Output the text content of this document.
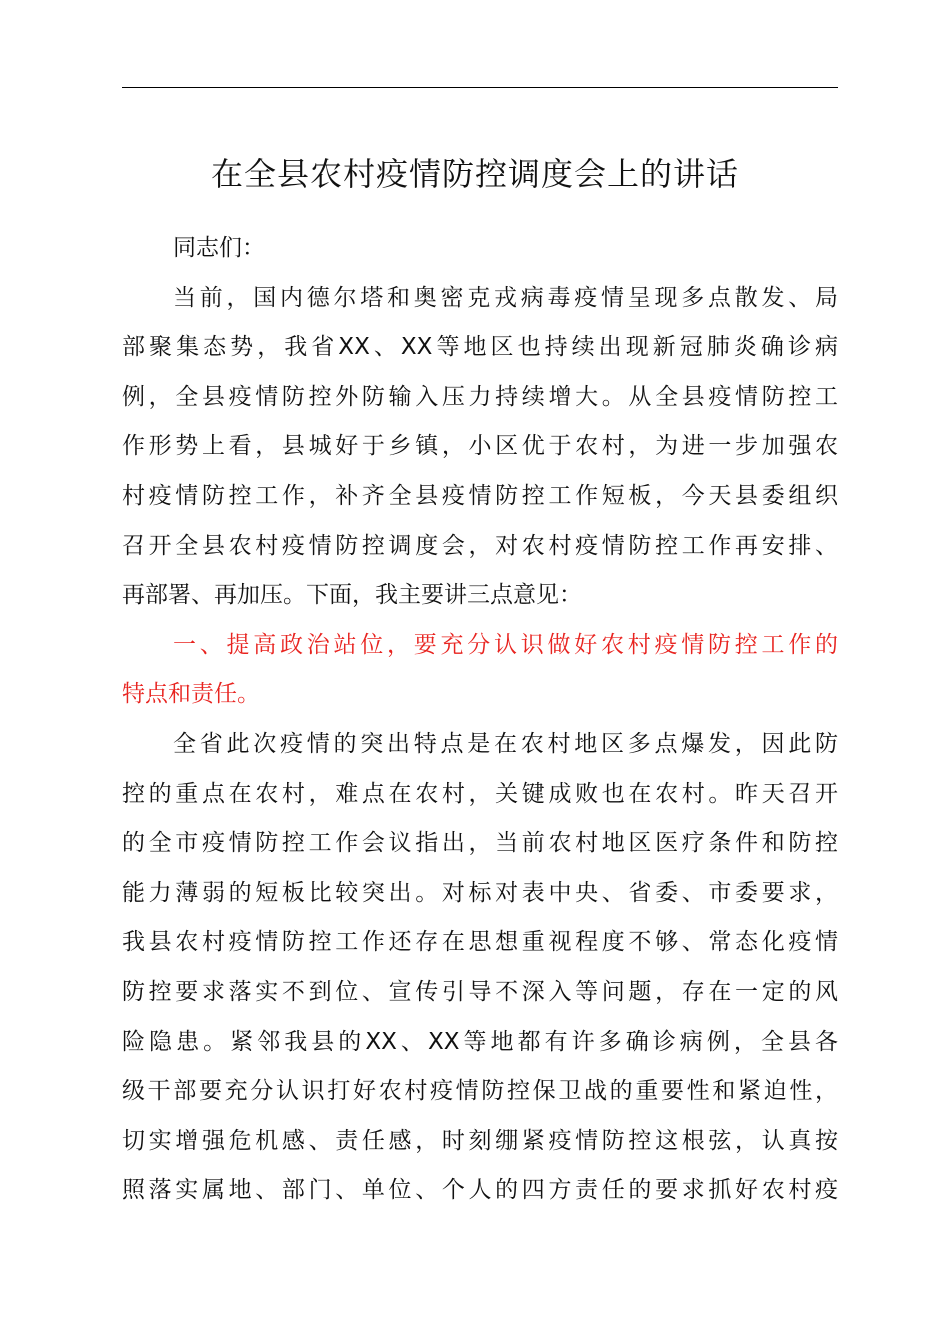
在全县农村疫情防控调度会上的讲话
同志们：
当前，国内德尔塔和奥密克戎病毒疫情呈现多点散发、局
部聚集态势，我省XX、XX等地区也持续出现新冠肺炎确诊病
例，全县疫情防控外防输入压力持续增大。从全县疫情防控工
作形势上看，县城好于乡镇，小区优于农村，为进一步加强农
村疫情防控工作，补齐全县疫情防控工作短板，今天县委组织
召开全县农村疫情防控调度会，对农村疫情防控工作再安排、
再部署、再加压。下面，我主要讲三点意见：
一、提高政治站位，要充分认识做好农村疫情防控工作的
特点和责任。
全省此次疫情的突出特点是在农村地区多点爆发，因此防
控的重点在农村，难点在农村，关键成败也在农村。昨天召开
的全市疫情防控工作会议指出，当前农村地区医疗条件和防控
能力薄弱的短板比较突出。对标对表中央、省委、市委要求，
我县农村疫情防控工作还存在思想重视程度不够、常态化疫情
防控要求落实不到位、宣传引导不深入等问题，存在一定的风
险隐患。紧邻我县的XX、XX等地都有许多确诊病例，全县各
级干部要充分认识打好农村疫情防控保卫战的重要性和紧迫性，
切实增强危机感、责任感，时刻绷紧疫情防控这根弦，认真按
照落实属地、部门、单位、个人的四方责任的要求抓好农村疫
